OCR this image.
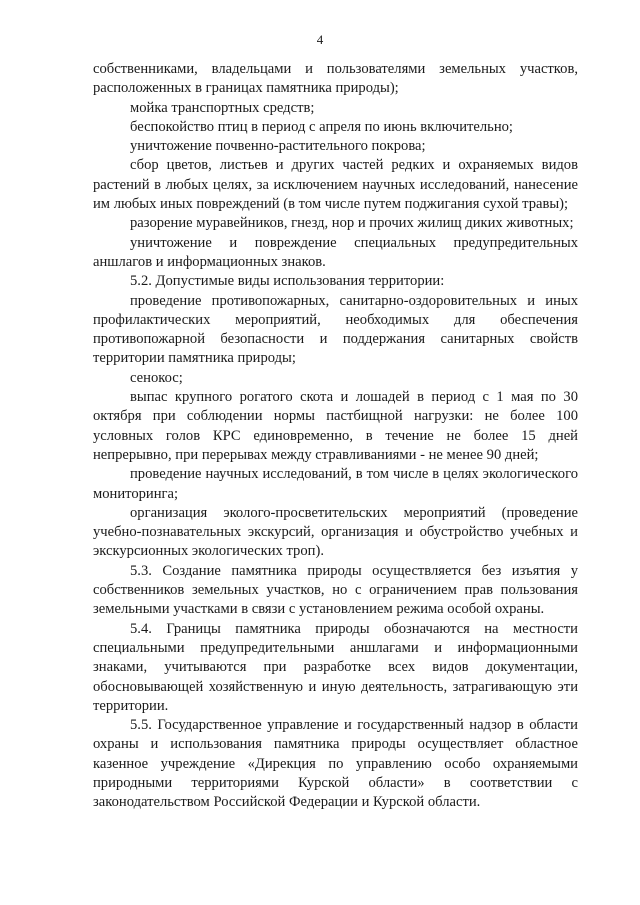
4

собственниками, владельцами и пользователями земельных участков, расположенных в границах памятника природы);

мойка транспортных средств;

беспокойство птиц в период с апреля по июнь включительно;

уничтожение почвенно-растительного покрова;

сбор цветов, листьев и других частей редких и охраняемых видов растений в любых целях, за исключением научных исследований, нанесение им любых иных повреждений (в том числе путем поджигания сухой травы);

разорение муравейников, гнезд, нор и прочих жилищ диких животных;

уничтожение и повреждение специальных предупредительных аншлагов и информационных знаков.

5.2. Допустимые виды использования территории:

проведение противопожарных, санитарно-оздоровительных и иных профилактических мероприятий, необходимых для обеспечения противопожарной безопасности и поддержания санитарных свойств территории памятника природы;

сенокос;

выпас крупного рогатого скота и лошадей в период с 1 мая по 30 октября при соблюдении нормы пастбищной нагрузки: не более 100 условных голов КРС единовременно, в течение не более 15 дней непрерывно, при перерывах между стравливаниями - не менее 90 дней;

проведение научных исследований, в том числе в целях экологического мониторинга;

организация эколого-просветительских мероприятий (проведение учебно-познавательных экскурсий, организация и обустройство учебных и экскурсионных экологических троп).

5.3. Создание памятника природы осуществляется без изъятия у собственников земельных участков, но с ограничением прав пользования земельными участками в связи с установлением режима особой охраны.

5.4. Границы памятника природы обозначаются на местности специальными предупредительными аншлагами и информационными знаками, учитываются при разработке всех видов документации, обосновывающей хозяйственную и иную деятельность, затрагивающую эти территории.

5.5. Государственное управление и государственный надзор в области охраны и использования памятника природы осуществляет областное казенное учреждение «Дирекция по управлению особо охраняемыми природными территориями Курской области» в соответствии с законодательством Российской Федерации и Курской области.
